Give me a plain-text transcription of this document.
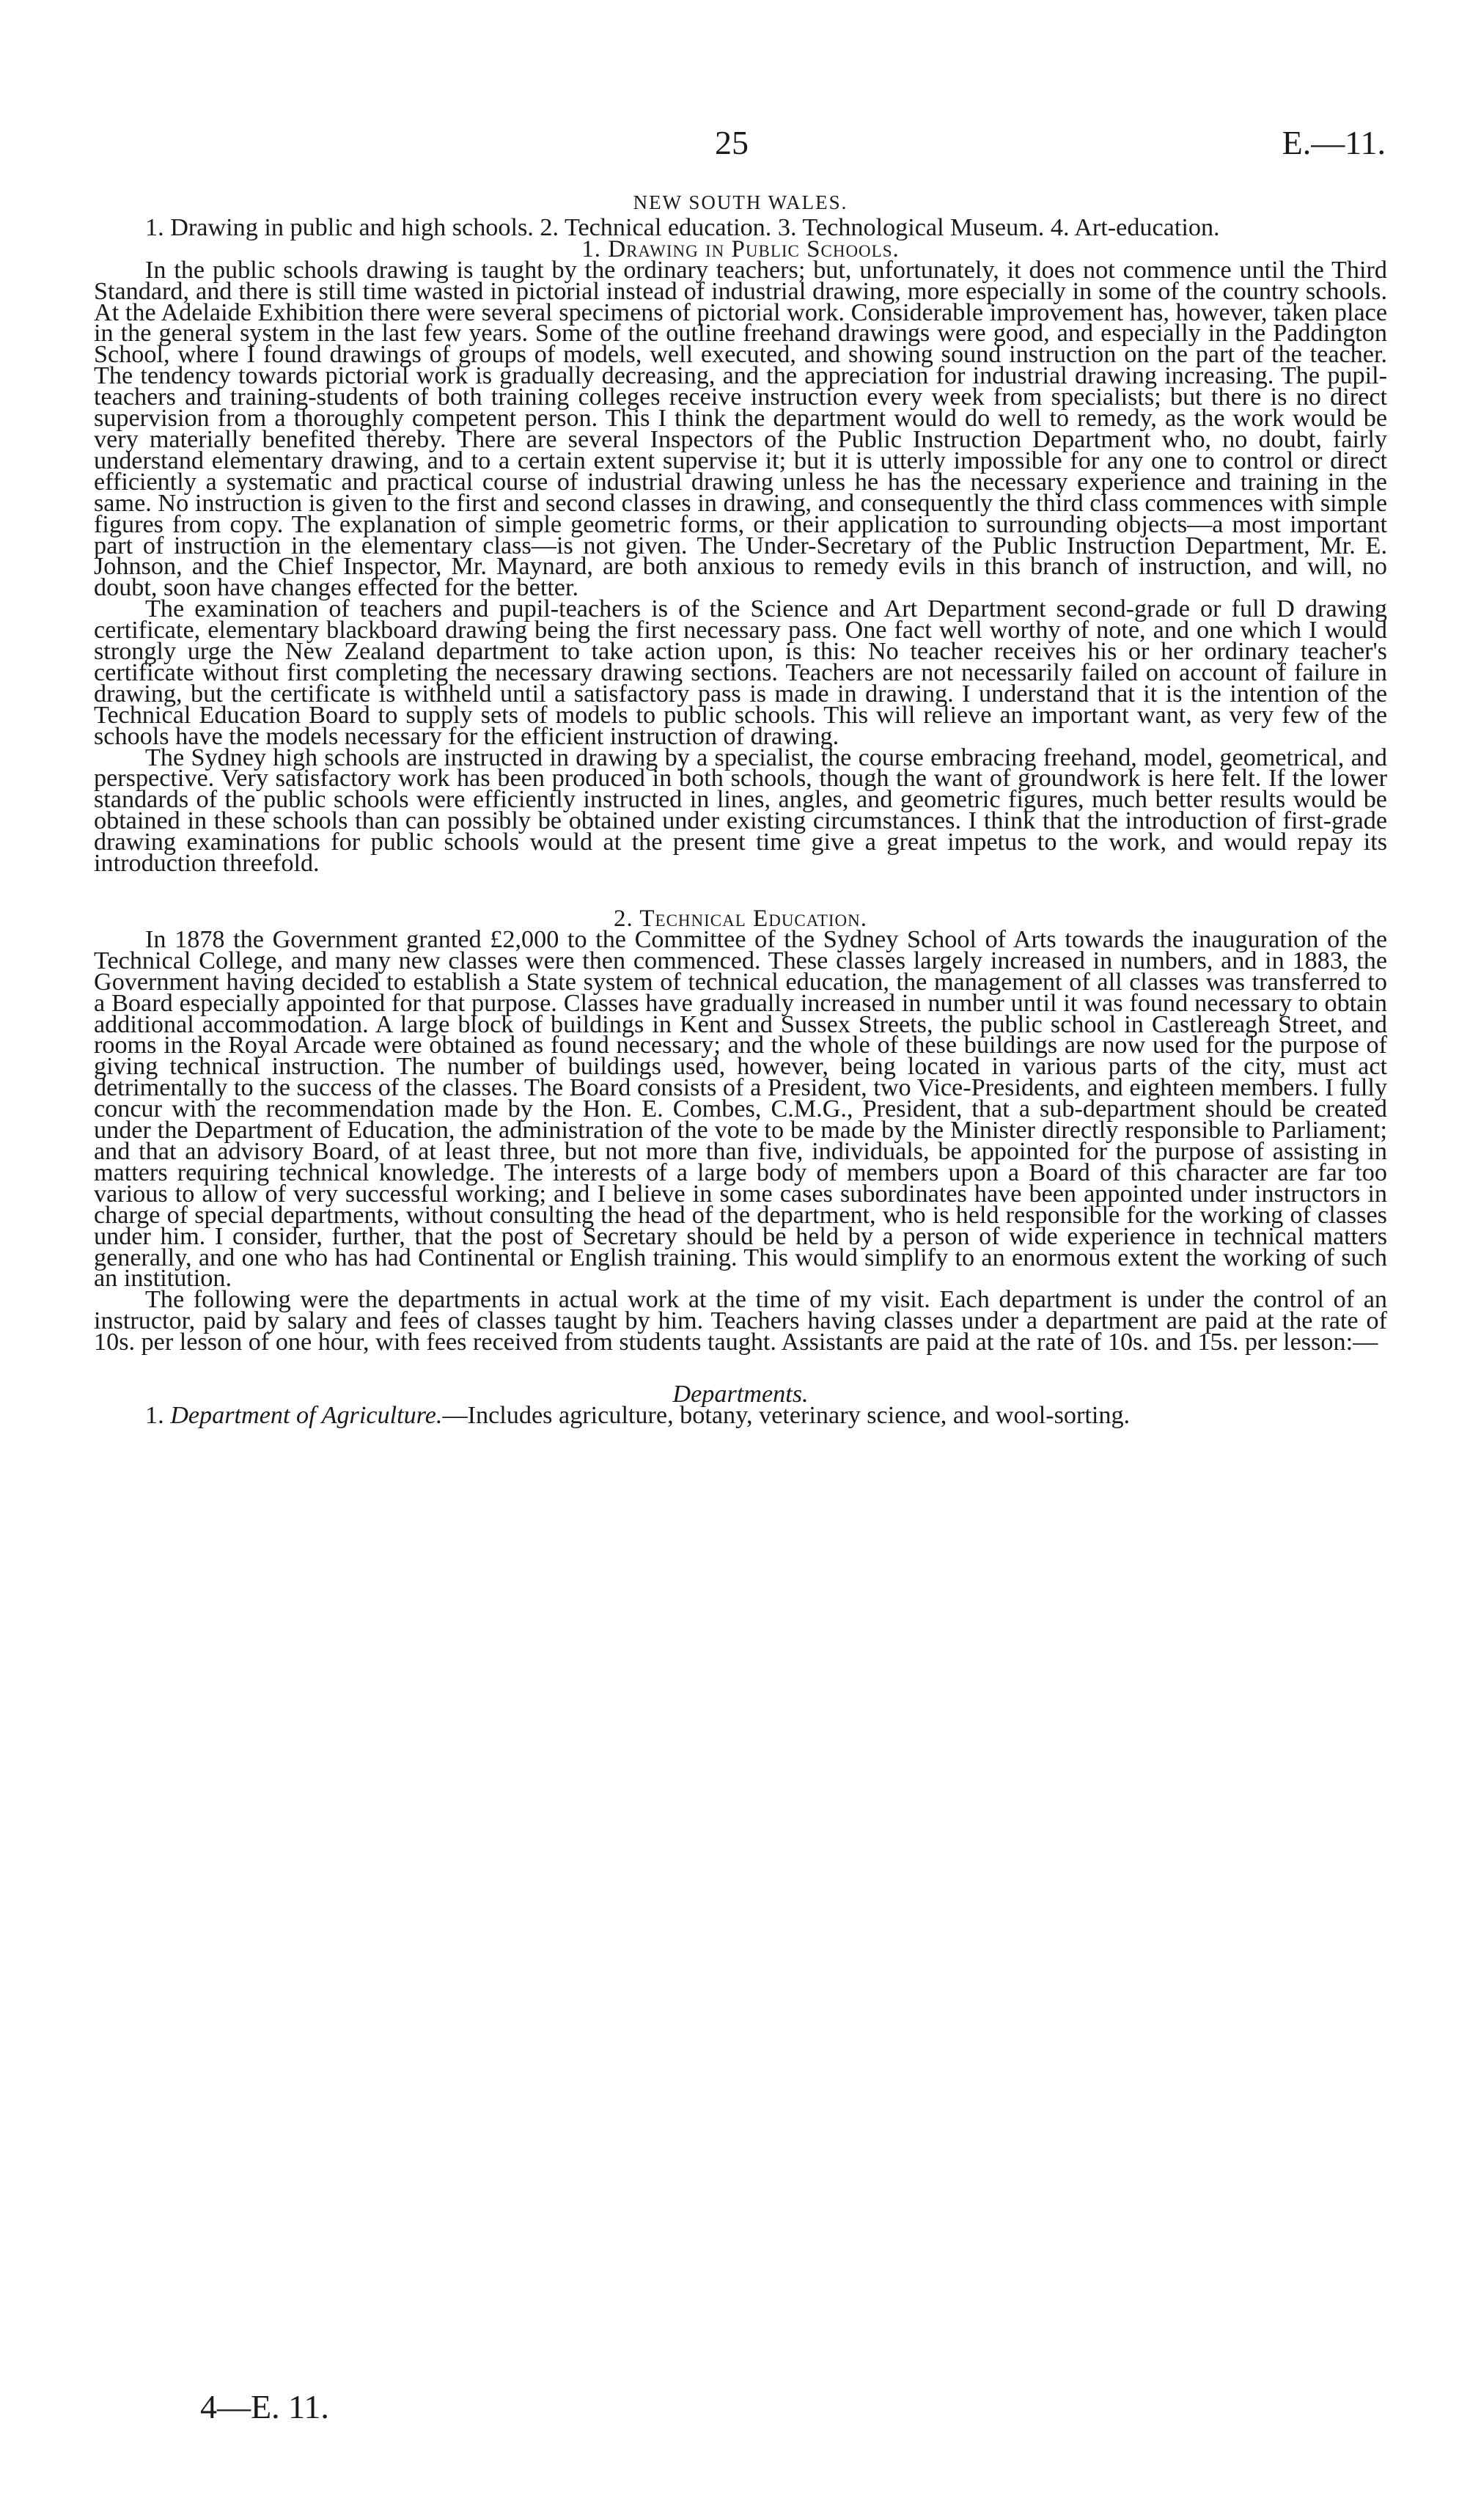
25	E.—11.
NEW SOUTH WALES.

1. Drawing in public and high schools. 2. Technical education. 3. Technological Museum. 4. Art-education.

1. Drawing in Public Schools.

In the public schools drawing is taught by the ordinary teachers; but, unfortunately, it does not commence until the Third Standard, and there is still time wasted in pictorial instead of industrial drawing, more especially in some of the country schools. At the Adelaide Exhibition there were several specimens of pictorial work. Considerable improvement has, however, taken place in the general system in the last few years. Some of the outline freehand drawings were good, and especially in the Paddington School, where I found drawings of groups of models, well executed, and showing sound instruction on the part of the teacher. The tendency towards pictorial work is gradually decreasing, and the appreciation for industrial drawing increasing. The pupil-teachers and training-students of both training colleges receive instruction every week from specialists; but there is no direct supervision from a thoroughly competent person. This I think the department would do well to remedy, as the work would be very materially benefited thereby. There are several Inspectors of the Public Instruction Department who, no doubt, fairly understand elementary drawing, and to a certain extent supervise it; but it is utterly impossible for any one to control or direct efficiently a systematic and practical course of industrial drawing unless he has the necessary experience and training in the same. No instruction is given to the first and second classes in drawing, and consequently the third class commences with simple figures from copy. The explanation of simple geometric forms, or their application to surrounding objects—a most important part of instruction in the elementary class—is not given. The Under-Secretary of the Public Instruction Department, Mr. E. Johnson, and the Chief Inspector, Mr. Maynard, are both anxious to remedy evils in this branch of instruction, and will, no doubt, soon have changes effected for the better.

The examination of teachers and pupil-teachers is of the Science and Art Department second-grade or full D drawing certificate, elementary blackboard drawing being the first necessary pass. One fact well worthy of note, and one which I would strongly urge the New Zealand department to take action upon, is this: No teacher receives his or her ordinary teacher's certificate without first completing the necessary drawing sections. Teachers are not necessarily failed on account of failure in drawing, but the certificate is withheld until a satisfactory pass is made in drawing. I understand that it is the intention of the Technical Education Board to supply sets of models to public schools. This will relieve an important want, as very few of the schools have the models necessary for the efficient instruction of drawing.

The Sydney high schools are instructed in drawing by a specialist, the course embracing freehand, model, geometrical, and perspective. Very satisfactory work has been produced in both schools, though the want of groundwork is here felt. If the lower standards of the public schools were efficiently instructed in lines, angles, and geometric figures, much better results would be obtained in these schools than can possibly be obtained under existing circumstances. I think that the introduction of first-grade drawing examinations for public schools would at the present time give a great impetus to the work, and would repay its introduction threefold.

2. Technical Education.

In 1878 the Government granted £2,000 to the Committee of the Sydney School of Arts towards the inauguration of the Technical College, and many new classes were then commenced. These classes largely increased in numbers, and in 1883, the Government having decided to establish a State system of technical education, the management of all classes was transferred to a Board especially appointed for that purpose. Classes have gradually increased in number until it was found necessary to obtain additional accommodation. A large block of buildings in Kent and Sussex Streets, the public school in Castlereagh Street, and rooms in the Royal Arcade were obtained as found necessary; and the whole of these buildings are now used for the purpose of giving technical instruction. The number of buildings used, however, being located in various parts of the city, must act detrimentally to the success of the classes. The Board consists of a President, two Vice-Presidents, and eighteen members. I fully concur with the recommendation made by the Hon. E. Combes, C.M.G., President, that a sub-department should be created under the Department of Education, the administration of the vote to be made by the Minister directly responsible to Parliament; and that an advisory Board, of at least three, but not more than five, individuals, be appointed for the purpose of assisting in matters requiring technical knowledge. The interests of a large body of members upon a Board of this character are far too various to allow of very successful working; and I believe in some cases subordinates have been appointed under instructors in charge of special departments, without consulting the head of the department, who is held responsible for the working of classes under him. I consider, further, that the post of Secretary should be held by a person of wide experience in technical matters generally, and one who has had Continental or English training. This would simplify to an enormous extent the working of such an institution.

The following were the departments in actual work at the time of my visit. Each department is under the control of an instructor, paid by salary and fees of classes taught by him. Teachers having classes under a department are paid at the rate of 10s. per lesson of one hour, with fees received from students taught. Assistants are paid at the rate of 10s. and 15s. per lesson:—

Departments.

1. Department of Agriculture.—Includes agriculture, botany, veterinary science, and wool-sorting.

4—E. 11.
